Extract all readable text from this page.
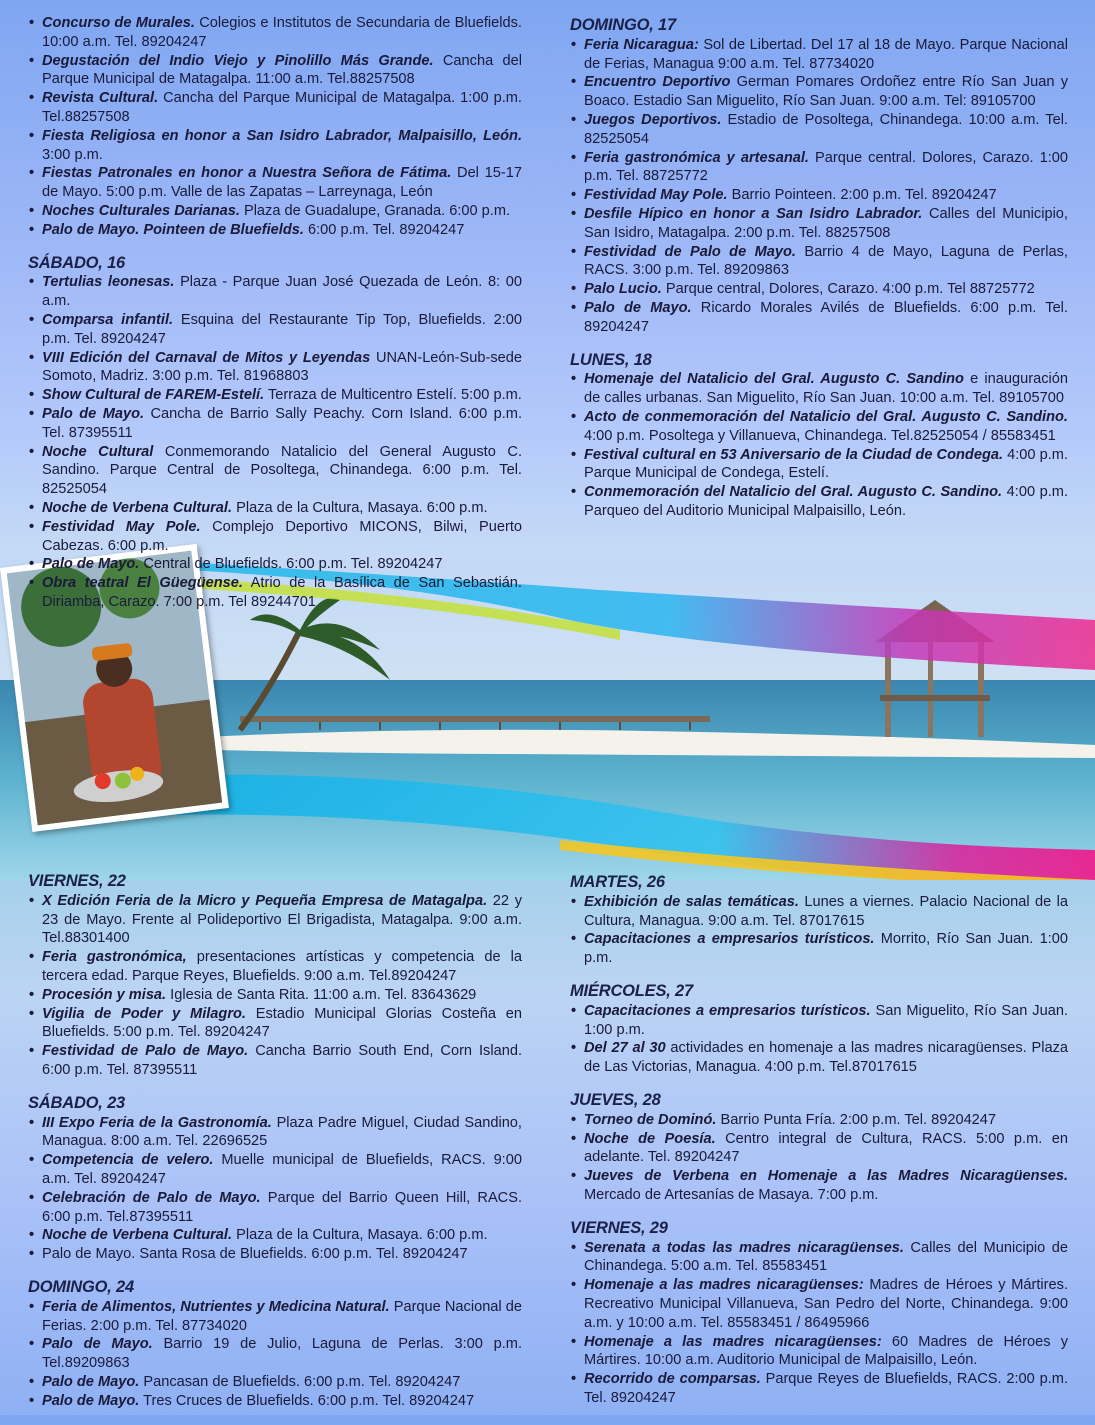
• Concurso de Murales. Colegios e Institutos de Secundaria de Bluefields. 10:00 a.m. Tel. 89204247
• Degustación del Indio Viejo y Pinolillo Más Grande. Cancha del Parque Municipal de Matagalpa. 11:00 a.m. Tel.88257508
• Revista Cultural. Cancha del Parque Municipal de Matagalpa. 1:00 p.m. Tel.88257508
• Fiesta Religiosa en honor a San Isidro Labrador, Malpaisillo, León. 3:00 p.m.
• Fiestas Patronales en honor a Nuestra Señora de Fátima. Del 15-17 de Mayo. 5:00 p.m. Valle de las Zapatas – Larreynaga, León
• Noches Culturales Darianas. Plaza de Guadalupe, Granada. 6:00 p.m.
• Palo de Mayo. Pointeen de Bluefields. 6:00 p.m. Tel. 89204247
SÁBADO, 16
• Tertulias leonesas. Plaza - Parque Juan José Quezada de León. 8: 00 a.m.
• Comparsa infantil. Esquina del Restaurante Tip Top, Bluefields. 2:00 p.m. Tel. 89204247
• VIII Edición del Carnaval de Mitos y Leyendas UNAN-León-Sub-sede Somoto, Madriz. 3:00 p.m. Tel. 81968803
• Show Cultural de FAREM-Estelí. Terraza de Multicentro Estelí. 5:00 p.m.
• Palo de Mayo. Cancha de Barrio Sally Peachy. Corn Island. 6:00 p.m. Tel. 87395511
• Noche Cultural Conmemorando Natalicio del General Augusto C. Sandino. Parque Central de Posoltega, Chinandega. 6:00 p.m. Tel. 82525054
• Noche de Verbena Cultural. Plaza de la Cultura, Masaya. 6:00 p.m.
• Festividad May Pole. Complejo Deportivo MICONS, Bilwi, Puerto Cabezas. 6:00 p.m.
• Palo de Mayo. Central de Bluefields. 6:00 p.m. Tel. 89204247
• Obra teatral El Güegüense. Atrio de la Basílica de San Sebastián. Diriamba, Carazo. 7:00 p.m. Tel 89244701
DOMINGO, 17
• Feria Nicaragua: Sol de Libertad. Del 17 al 18 de Mayo. Parque Nacional de Ferias, Managua 9:00 a.m. Tel. 87734020
• Encuentro Deportivo German Pomares Ordoñez entre Río San Juan y Boaco. Estadio San Miguelito, Río San Juan. 9:00 a.m. Tel: 89105700
• Juegos Deportivos. Estadio de Posoltega, Chinandega. 10:00 a.m. Tel. 82525054
• Feria gastronómica y artesanal. Parque central. Dolores, Carazo. 1:00 p.m. Tel. 88725772
• Festividad May Pole. Barrio Pointeen. 2:00 p.m. Tel. 89204247
• Desfile Hípico en honor a San Isidro Labrador. Calles del Municipio, San Isidro, Matagalpa. 2:00 p.m. Tel. 88257508
• Festividad de Palo de Mayo. Barrio 4 de Mayo, Laguna de Perlas, RACS. 3:00 p.m. Tel. 89209863
• Palo Lucio. Parque central, Dolores, Carazo. 4:00 p.m. Tel 88725772
• Palo de Mayo. Ricardo Morales Avilés de Bluefields. 6:00 p.m. Tel. 89204247
LUNES, 18
• Homenaje del Natalicio del Gral. Augusto C. Sandino e inauguración de calles urbanas. San Miguelito, Río San Juan. 10:00 a.m. Tel. 89105700
• Acto de conmemoración del Natalicio del Gral. Augusto C. Sandino. 4:00 p.m. Posoltega y Villanueva, Chinandega. Tel.82525054 / 85583451
• Festival cultural en 53 Aniversario de la Ciudad de Condega. 4:00 p.m. Parque Municipal de Condega, Estelí.
• Conmemoración del Natalicio del Gral. Augusto C. Sandino. 4:00 p.m. Parqueo del Auditorio Municipal Malpaisillo, León.
VIERNES, 22
• X Edición Feria de la Micro y Pequeña Empresa de Matagalpa. 22 y 23 de Mayo. Frente al Polideportivo El Brigadista, Matagalpa. 9:00 a.m. Tel.88301400
• Feria gastronómica, presentaciones artísticas y competencia de la tercera edad. Parque Reyes, Bluefields. 9:00 a.m. Tel.89204247
• Procesión y misa. Iglesia de Santa Rita. 11:00 a.m. Tel. 83643629
• Vigilia de Poder y Milagro. Estadio Municipal Glorias Costeña en Bluefields. 5:00 p.m. Tel. 89204247
• Festividad de Palo de Mayo. Cancha Barrio South End, Corn Island. 6:00 p.m. Tel. 87395511
SÁBADO, 23
• III Expo Feria de la Gastronomía. Plaza Padre Miguel, Ciudad Sandino, Managua. 8:00 a.m. Tel. 22696525
• Competencia de velero. Muelle municipal de Bluefields, RACS. 9:00 a.m. Tel. 89204247
• Celebración de Palo de Mayo. Parque del Barrio Queen Hill, RACS. 6:00 p.m. Tel.87395511
• Noche de Verbena Cultural. Plaza de la Cultura, Masaya. 6:00 p.m.
• Palo de Mayo. Santa Rosa de Bluefields. 6:00 p.m. Tel. 89204247
DOMINGO, 24
• Feria de Alimentos, Nutrientes y Medicina Natural. Parque Nacional de Ferias. 2:00 p.m. Tel. 87734020
• Palo de Mayo. Barrio 19 de Julio, Laguna de Perlas. 3:00 p.m. Tel.89209863
• Palo de Mayo. Pancasan de Bluefields. 6:00 p.m. Tel. 89204247
• Palo de Mayo. Tres Cruces de Bluefields. 6:00 p.m. Tel. 89204247
MARTES, 26
• Exhibición de salas temáticas. Lunes a viernes. Palacio Nacional de la Cultura, Managua. 9:00 a.m. Tel. 87017615
• Capacitaciones a empresarios turísticos. Morrito, Río San Juan. 1:00 p.m.
MIÉRCOLES, 27
• Capacitaciones a empresarios turísticos. San Miguelito, Río San Juan. 1:00 p.m.
• Del 27 al 30 actividades en homenaje a las madres nicaragüenses. Plaza de Las Victorias, Managua. 4:00 p.m. Tel.87017615
JUEVES, 28
• Torneo de Dominó. Barrio Punta Fría. 2:00 p.m. Tel. 89204247
• Noche de Poesía. Centro integral de Cultura, RACS. 5:00 p.m. en adelante. Tel. 89204247
• Jueves de Verbena en Homenaje a las Madres Nicaragüenses. Mercado de Artesanías de Masaya. 7:00 p.m.
VIERNES, 29
• Serenata a todas las madres nicaragüenses. Calles del Municipio de Chinandega. 5:00 a.m. Tel. 85583451
• Homenaje a las madres nicaragüenses: Madres de Héroes y Mártires. Recreativo Municipal Villanueva, San Pedro del Norte, Chinandega. 9:00 a.m. y 10:00 a.m. Tel. 85583451 / 86495966
• Homenaje a las madres nicaragüenses: 60 Madres de Héroes y Mártires. 10:00 a.m. Auditorio Municipal de Malpaisillo, León.
• Recorrido de comparsas. Parque Reyes de Bluefields, RACS. 2:00 p.m. Tel. 89204247
